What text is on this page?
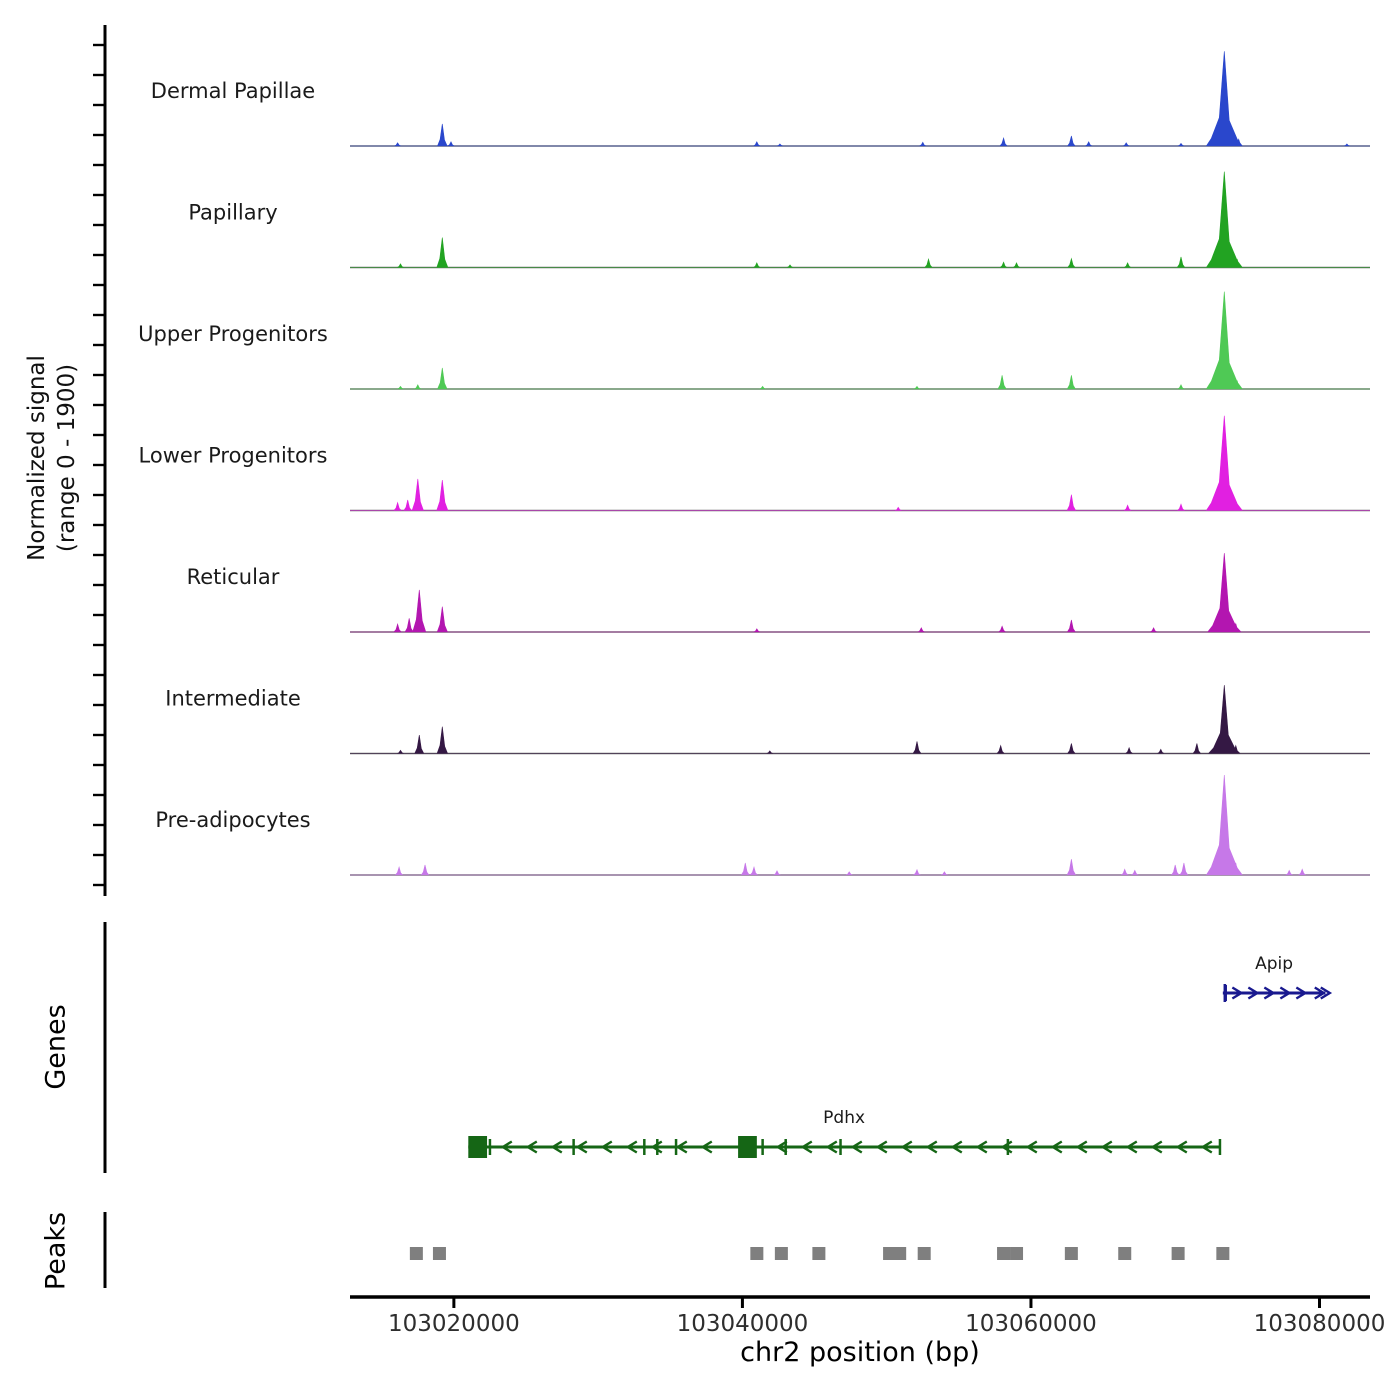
Dermal Papillae
Papillary
Upper Progenitors
Lower Progenitors
Reticular
Intermediate
Pre-adipocytes
Apip
Pdhx
103020000	103040000	103060000	103080000
Normalized signal (range 0 - 1900)
Genes
Peaks
chr2 position (bp)
